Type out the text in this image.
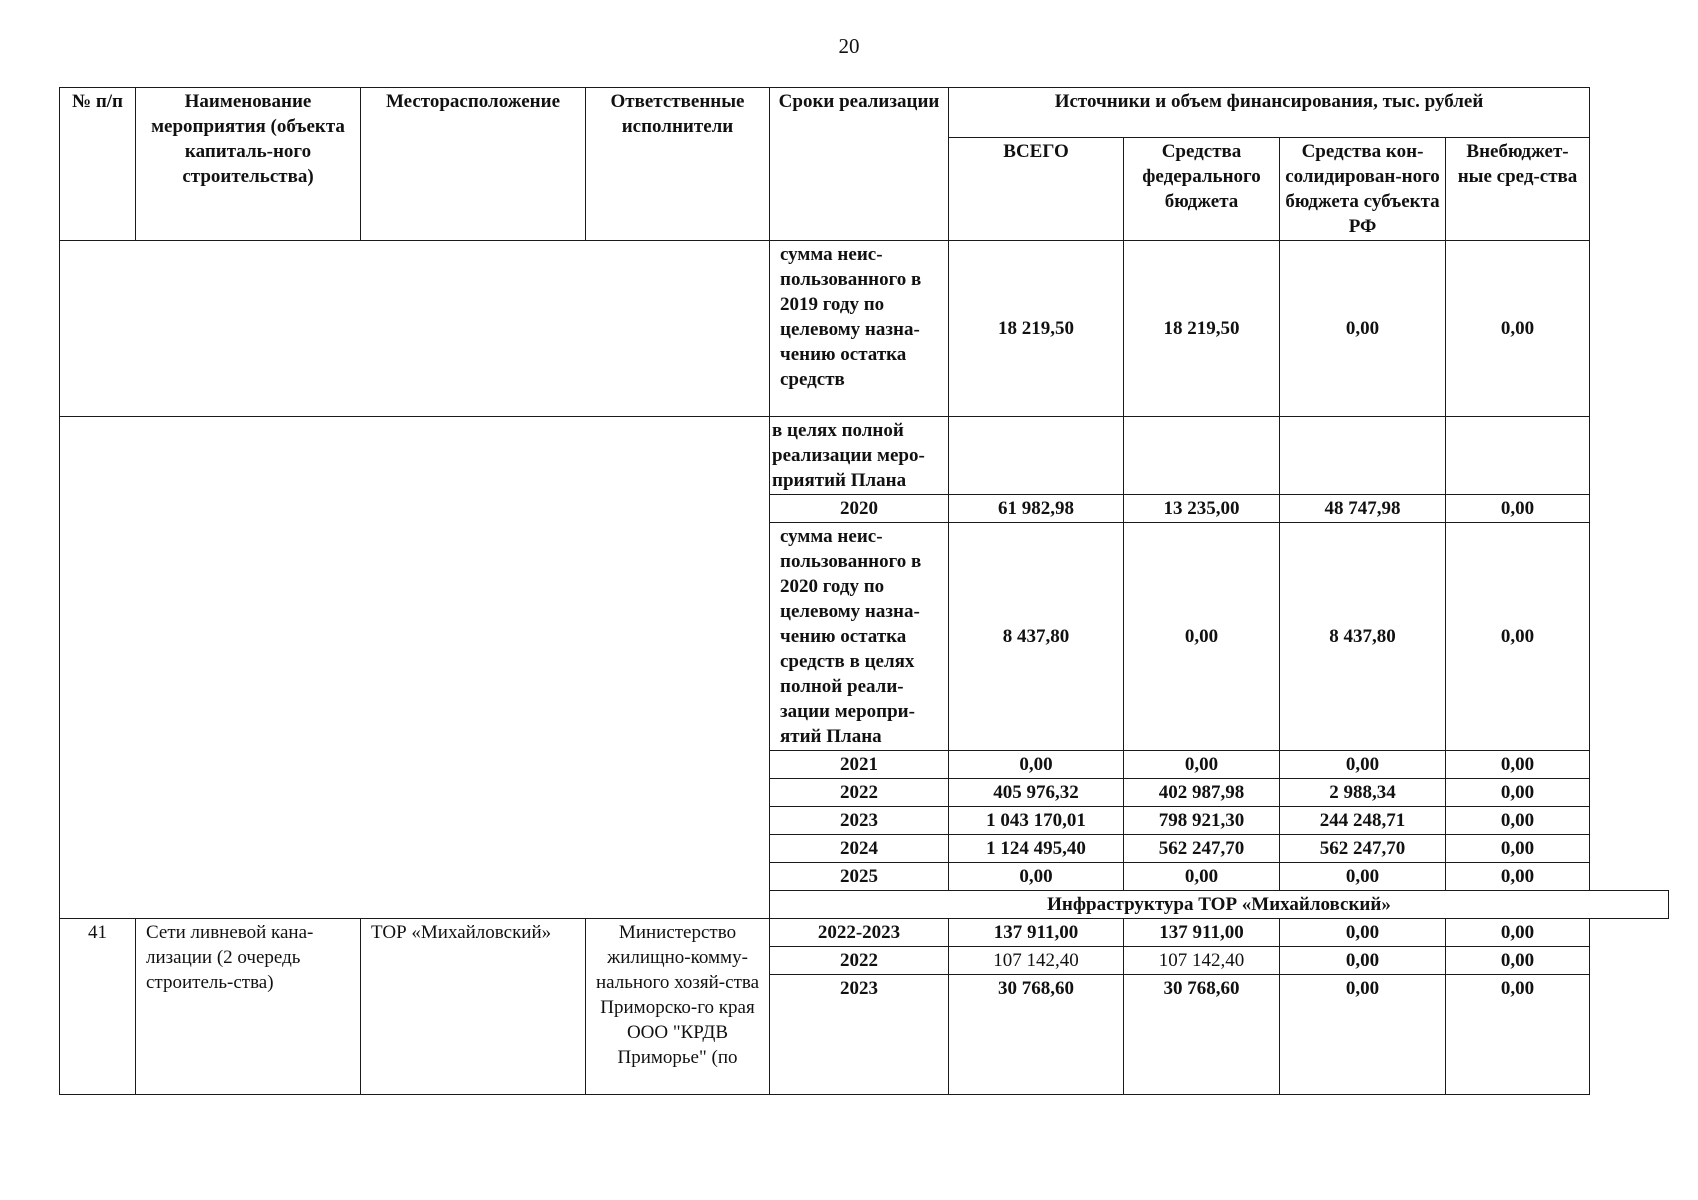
20
№ п/п	Наименование мероприятия (объекта капиталь-ного строительства)	Месторасположение	Ответственные исполнители	Сроки реализации	Источники и объем финансирования, тыс. рублей			
					ВСЕГО	Средства федерального бюджета	Средства кон-солидирован-ного бюджета субъекта РФ	Внебюджет-ные сред-ства
				сумма неис-пользованного в 2019 году по целевому назна-чению остатка средств	18 219,50	18 219,50	0,00	0,00
				в целях полной реализации меро-приятий Плана				
				2020	61 982,98	13 235,00	48 747,98	0,00
				сумма неис-пользованного в 2020 году по целевому назна-чению остатка средств в целях полной реали-зации меропри-ятий Плана	8 437,80	0,00	8 437,80	0,00
				2021	0,00	0,00	0,00	0,00
				2022	405 976,32	402 987,98	2 988,34	0,00
				2023	1 043 170,01	798 921,30	244 248,71	0,00
				2024	1 124 495,40	562 247,70	562 247,70	0,00
				2025	0,00	0,00	0,00	0,00
				Инфраструктура ТОР «Михайловский»				
41	Сети ливневой кана-лизации (2 очередь строитель-ства)	ТОР «Михайловский»	Министерство жилищно-комму-нального хозяй-ства Приморско-го края ООО "КРДВ Приморье" (по	2022-2023	137 911,00	137 911,00	0,00	0,00
				2022	107 142,40	107 142,40	0,00	0,00
				2023	30 768,60	30 768,60	0,00	0,00
